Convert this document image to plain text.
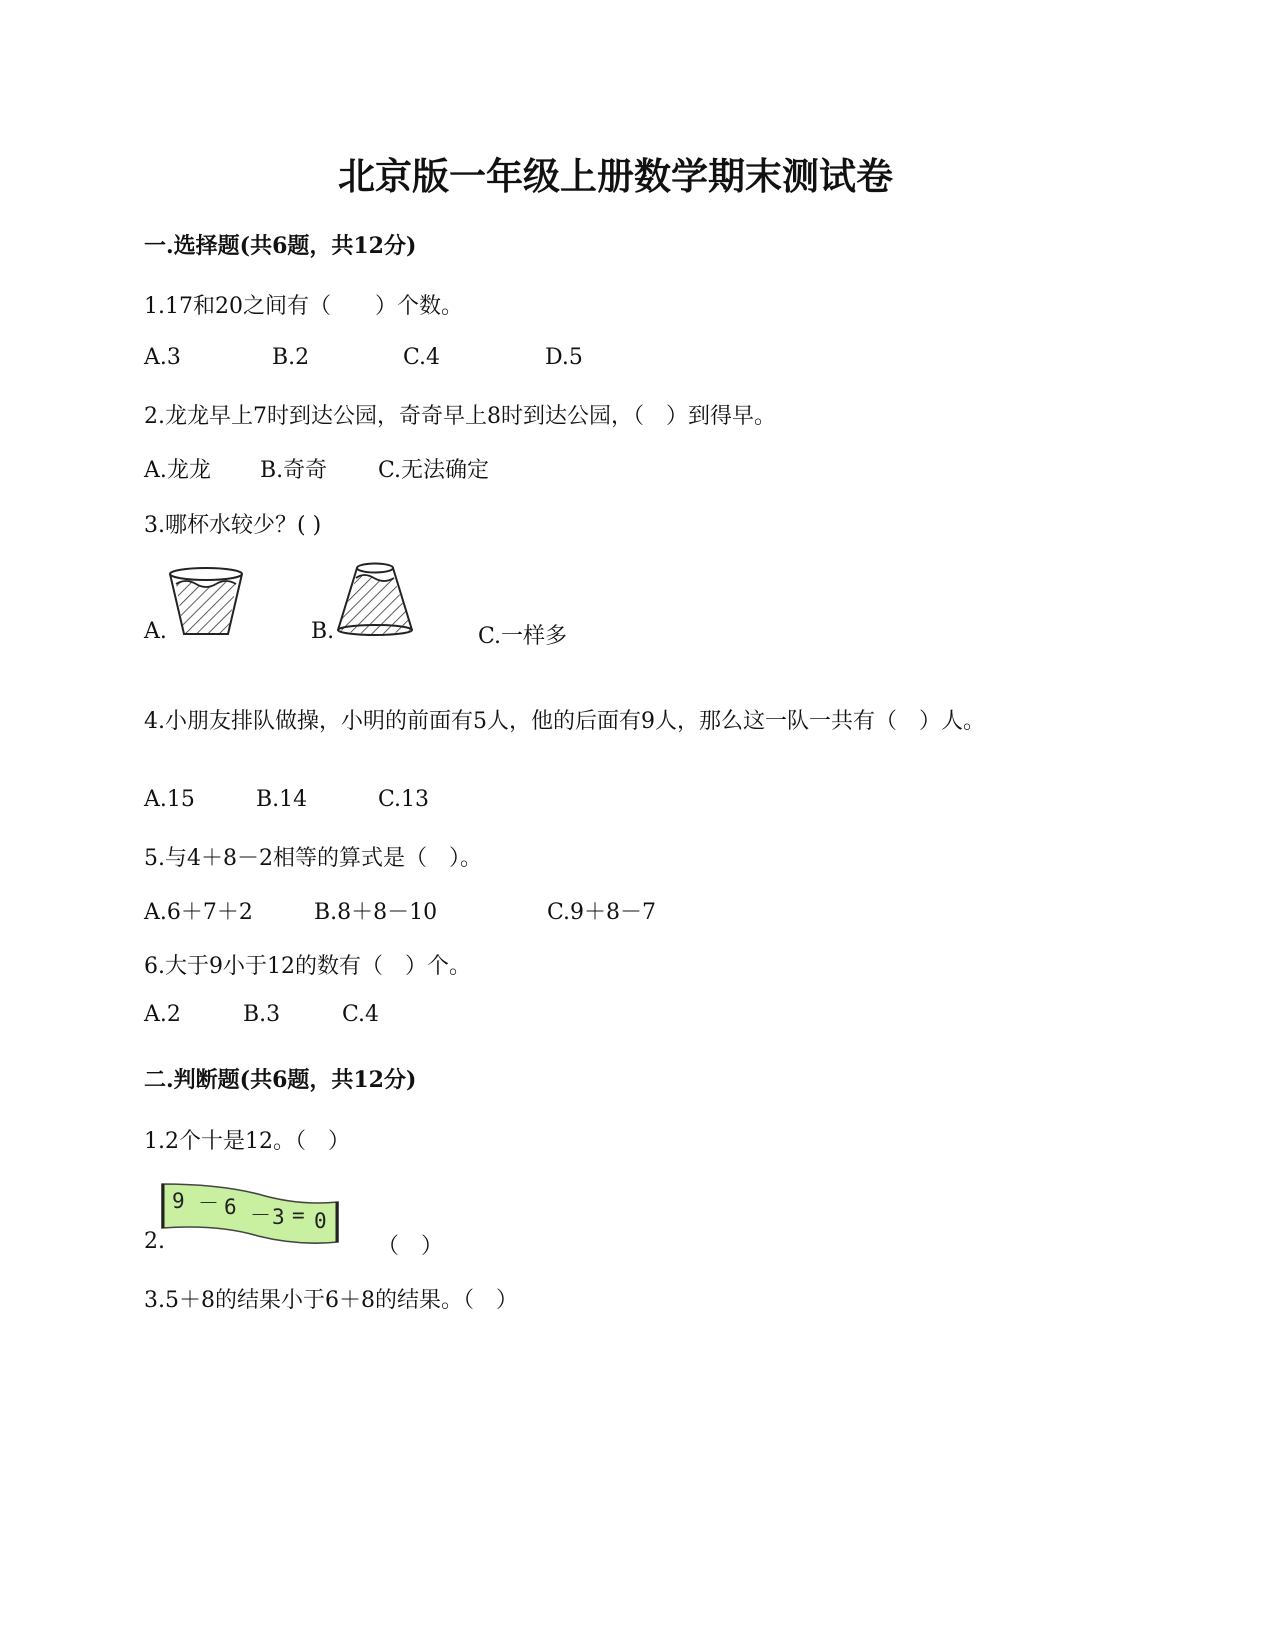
北京版一年级上册数学期末测试卷
一.选择题(共6题，共12分)
1.17和20之间有（　　）个数。
A.3	B.2	C.4	D.5
2.龙龙早上7时到达公园，奇奇早上8时到达公园，（　）到得早。
A.龙龙 B.奇奇 C.无法确定
3.哪杯水较少？( )
A.	B.	C.一样多
4.小朋友排队做操，小明的前面有5人，他的后面有9人，那么这一队一共有（　）人。
A.15	B.14	C.13
5.与4＋8－2相等的算式是（　）。
A.6＋7＋2	B.8＋8－10	C.9＋8－7
6.大于9小于12的数有（　）个。
A.2	B.3	C.4
二.判断题(共6题，共12分)
1.2个十是12。（　）
2.
9 － 6 － 3 = 0
（　）
3.5＋8的结果小于6＋8的结果。（　）
